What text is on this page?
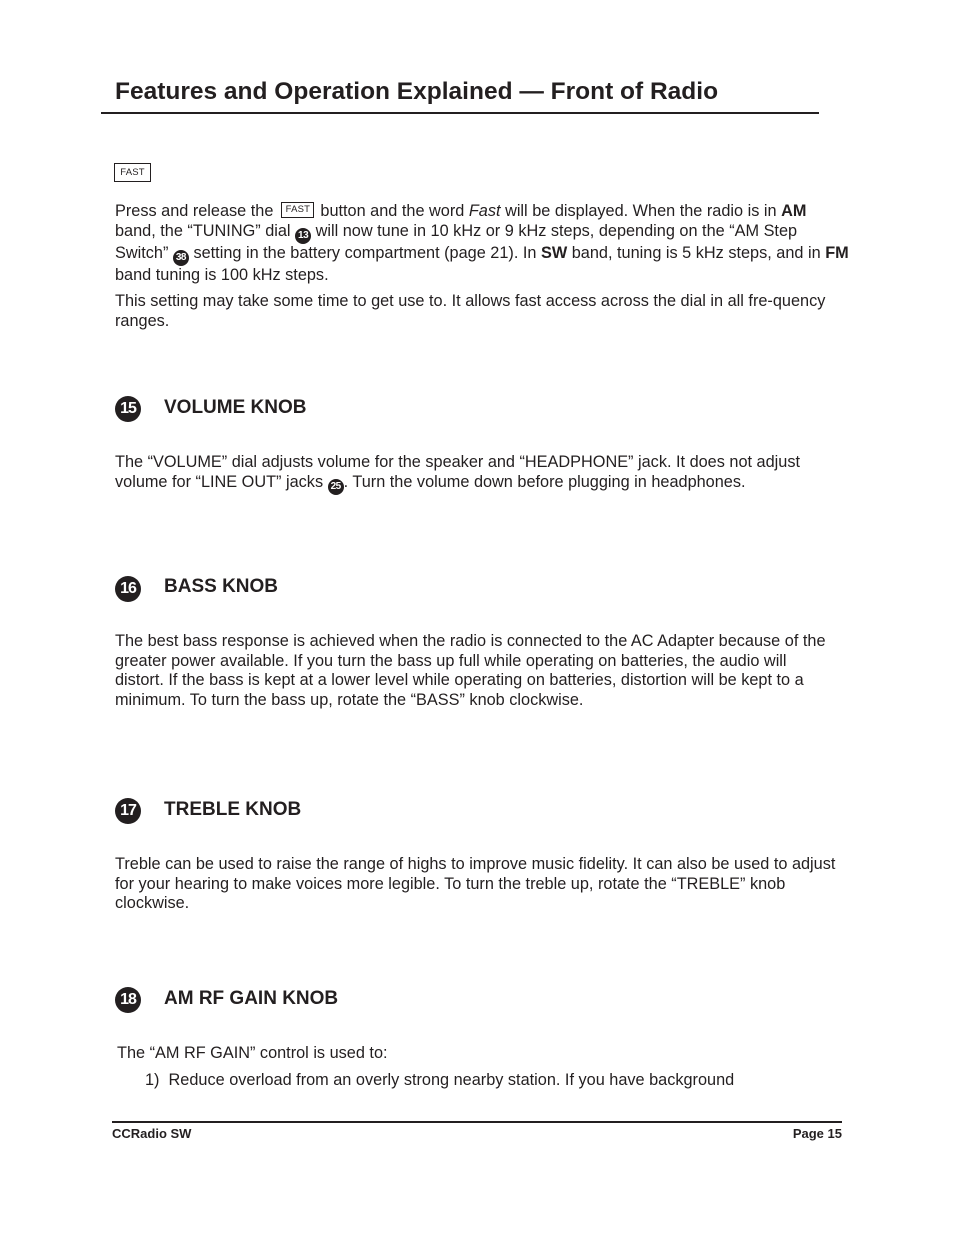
Features and Operation Explained — Front of Radio
FAST
Press and release the FAST button and the word Fast will be displayed. When the radio is in AM band, the “TUNING” dial 13 will now tune in 10 kHz or 9 kHz steps, depending on the “AM Step Switch” 38 setting in the battery compartment (page 21). In SW band, tuning is 5 kHz steps, and in FM band tuning is 100 kHz steps.
This setting may take some time to get use to. It allows fast access across the dial in all fre-quency ranges.
15 VOLUME KNOB
The “VOLUME” dial adjusts volume for the speaker and “HEADPHONE” jack. It does not adjust volume for “LINE OUT” jacks 25 . Turn the volume down before plugging in headphones.
16 BASS KNOB
The best bass response is achieved when the radio is connected to the AC Adapter because of the greater power available. If you turn the bass up full while operating on batteries, the audio will distort. If the bass is kept at a lower level while operating on batteries, distortion will be kept to a minimum. To turn the bass up, rotate the “BASS” knob clockwise.
17 TREBLE KNOB
Treble can be used to raise the range of highs to improve music fidelity. It can also be used to adjust for your hearing to make voices more legible. To turn the treble up, rotate the “TREBLE” knob clockwise.
18 AM RF GAIN KNOB
The “AM RF GAIN” control is used to:
1) Reduce overload from an overly strong nearby station. If you have background
CCRadio SW	Page 15
